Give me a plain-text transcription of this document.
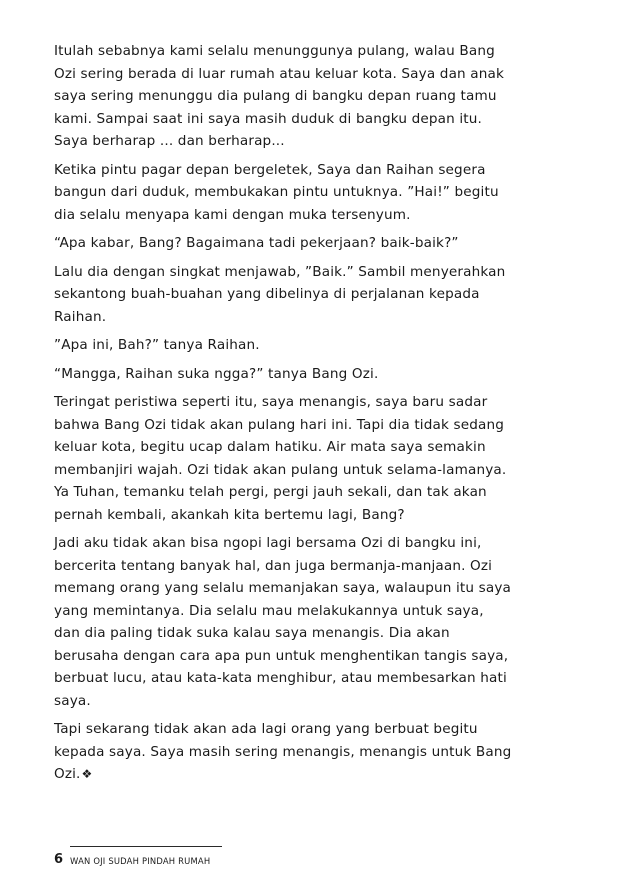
Itulah sebabnya kami selalu menunggunya pulang, walau Bang Ozi sering berada di luar rumah atau keluar kota. Saya dan anak saya sering menunggu dia pulang di bangku depan ruang tamu kami. Sampai saat ini saya masih duduk di bangku depan itu. Saya berharap ... dan berharap...

Ketika pintu pagar depan bergeletek, Saya dan Raihan segera bangun dari duduk, membukakan pintu untuknya. ”Hai!” begitu dia selalu menyapa kami dengan muka tersenyum.

“Apa kabar, Bang? Bagaimana tadi pekerjaan? baik-baik?”

Lalu dia dengan singkat menjawab, ”Baik.” Sambil menyerahkan sekantong buah-buahan yang dibelinya di perjalanan kepada Raihan.

”Apa ini, Bah?” tanya Raihan.

“Mangga, Raihan suka ngga?” tanya Bang Ozi.

Teringat peristiwa seperti itu, saya menangis, saya baru sadar bahwa Bang Ozi tidak akan pulang hari ini. Tapi dia tidak sedang keluar kota, begitu ucap dalam hatiku. Air mata saya semakin membanjiri wajah. Ozi tidak akan pulang untuk selama-lamanya. Ya Tuhan, temanku telah pergi, pergi jauh sekali, dan tak akan pernah kembali, akankah kita bertemu lagi, Bang?

Jadi aku tidak akan bisa ngopi lagi bersama Ozi di bangku ini, bercerita tentang banyak hal, dan juga bermanja-manjaan. Ozi memang orang yang selalu memanjakan saya, walaupun itu saya yang memintanya. Dia selalu mau melakukannya untuk saya, dan dia paling tidak suka kalau saya menangis. Dia akan berusaha dengan cara apa pun untuk menghentikan tangis saya, berbuat lucu, atau kata-kata menghibur, atau membesarkan hati saya.

Tapi sekarang tidak akan ada lagi orang yang berbuat begitu kepada saya. Saya masih sering menangis, menangis untuk Bang Ozi.❖

6 WAN OJI SUDAH PINDAH RUMAH
